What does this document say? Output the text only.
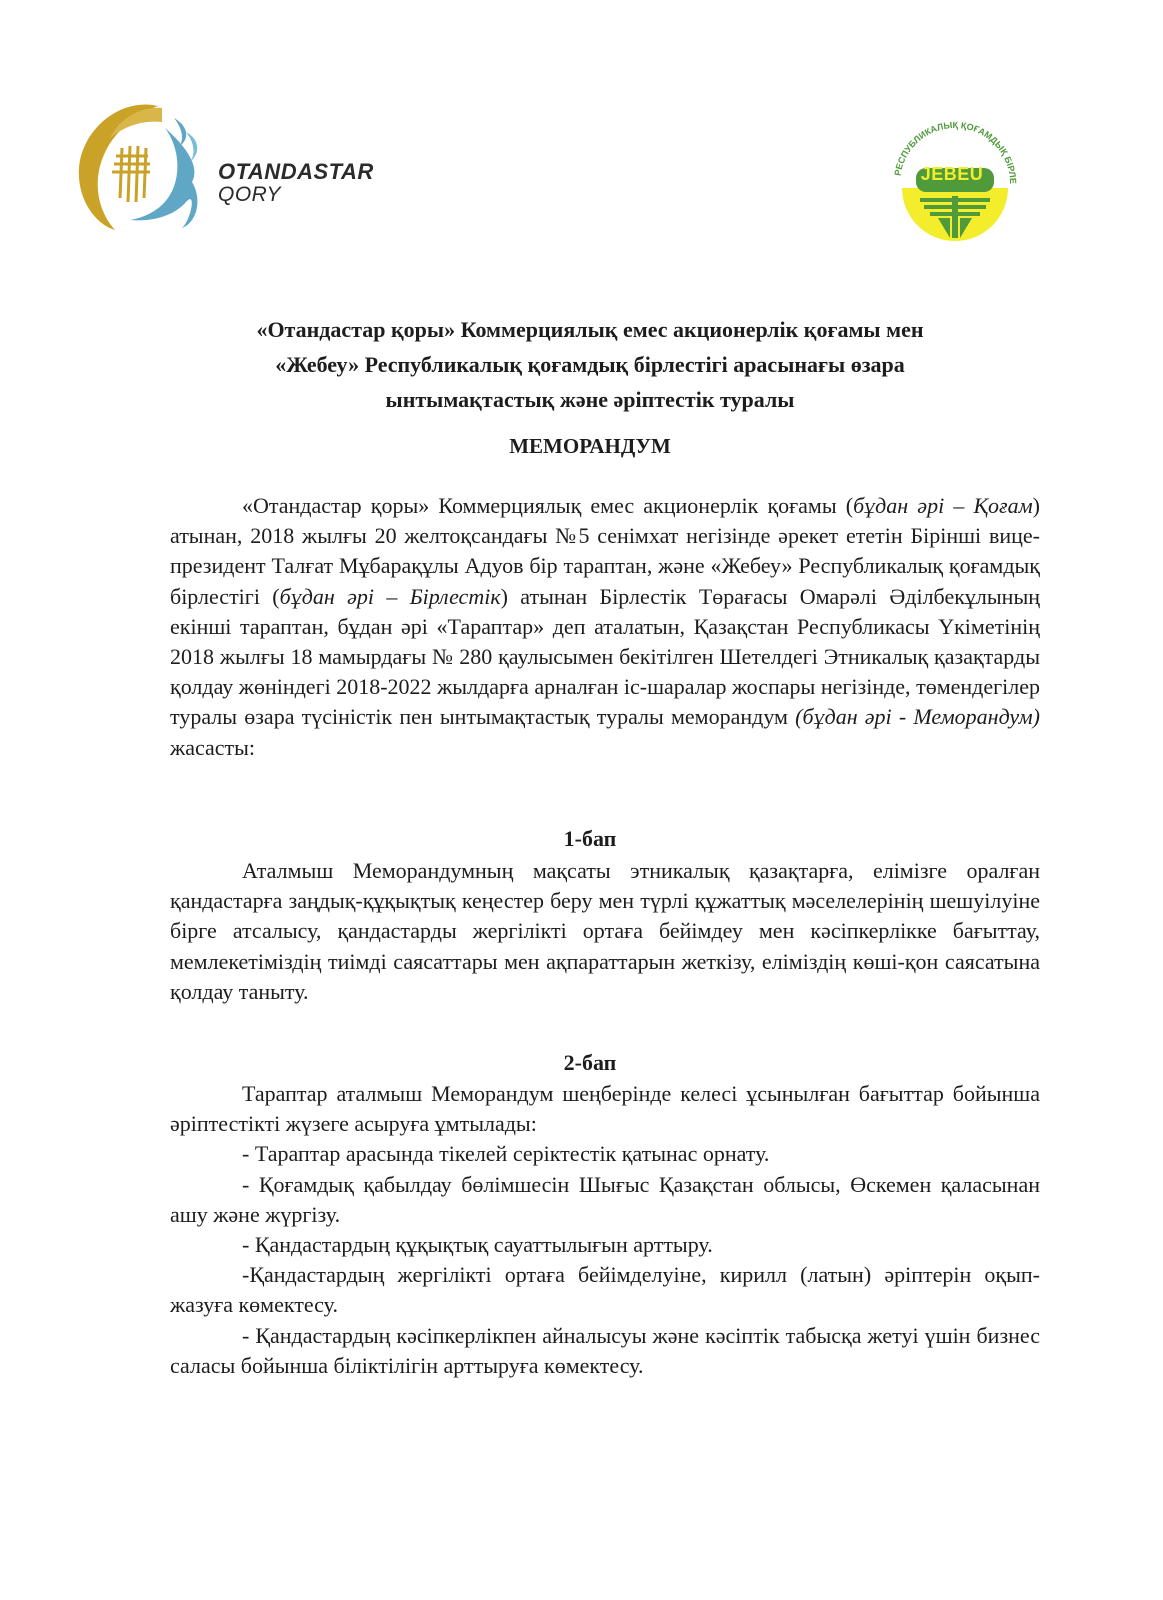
OTANDASTAR
QORY
РЕСПУБЛИКАЛЫҚ ҚОҒАМДЫҚ БІРЛЕ
JEBEU
«Отандастар қоры» Коммерциялық емес акционерлік қоғамы мен
«Жебеу» Республикалық қоғамдық бірлестігі арасынағы өзара
ынтымақтастық және әріптестік туралы
МЕМОРАНДУМ

«Отандастар қоры» Коммерциялық емес акционерлік қоғамы (бұдан әрі – Қоғам) атынан, 2018 жылғы 20 желтоқсандағы №5 сенімхат негізінде әрекет ететін Бірінші вице-президент Талғат Мұбарақұлы Адуов бір тараптан, және «Жебеу» Республикалық қоғамдық бірлестігі (бұдан әрі – Бірлестік) атынан Бірлестік Төрағасы Омарәлі Әділбекұлының екінші тараптан, бұдан әрі «Тараптар» деп аталатын, Қазақстан Республикасы Үкіметінің 2018 жылғы 18 мамырдағы № 280 қаулысымен бекітілген Шетелдегі Этникалық қазақтарды қолдау жөніндегі 2018-2022 жылдарға арналған іс-шаралар жоспары негізінде, төмендегілер туралы өзара түсіністік пен ынтымақтастық туралы меморандум (бұдан әрі - Меморандум) жасасты:

1-бап

Аталмыш Меморандумның мақсаты этникалық қазақтарға, елімізге оралған қандастарға заңдық-құқықтық кеңестер беру мен түрлі құжаттық мәселелерінің шешуілуіне бірге атсалысу, қандастарды жергілікті ортаға бейімдеу мен кәсіпкерлікке бағыттау, мемлекетіміздің тиімді саясаттары мен ақпараттарын жеткізу, еліміздің көші-қон саясатына қолдау таныту.

2-бап

Тараптар аталмыш Меморандум шеңберінде келесі ұсынылған бағыттар бойынша әріптестікті жүзеге асыруға ұмтылады:

- Тараптар арасында тікелей серіктестік қатынас орнату.

- Қоғамдық қабылдау бөлімшесін Шығыс Қазақстан облысы, Өскемен қаласынан ашу және жүргізу.

- Қандастардың құқықтық сауаттылығын арттыру.

-Қандастардың жергілікті ортаға бейімделуіне, кирилл (латын) әріптерін оқып-жазуға көмектесу.

- Қандастардың кәсіпкерлікпен айналысуы және кәсіптік табысқа жетуі үшін бизнес саласы бойынша біліктілігін арттыруға көмектесу.
